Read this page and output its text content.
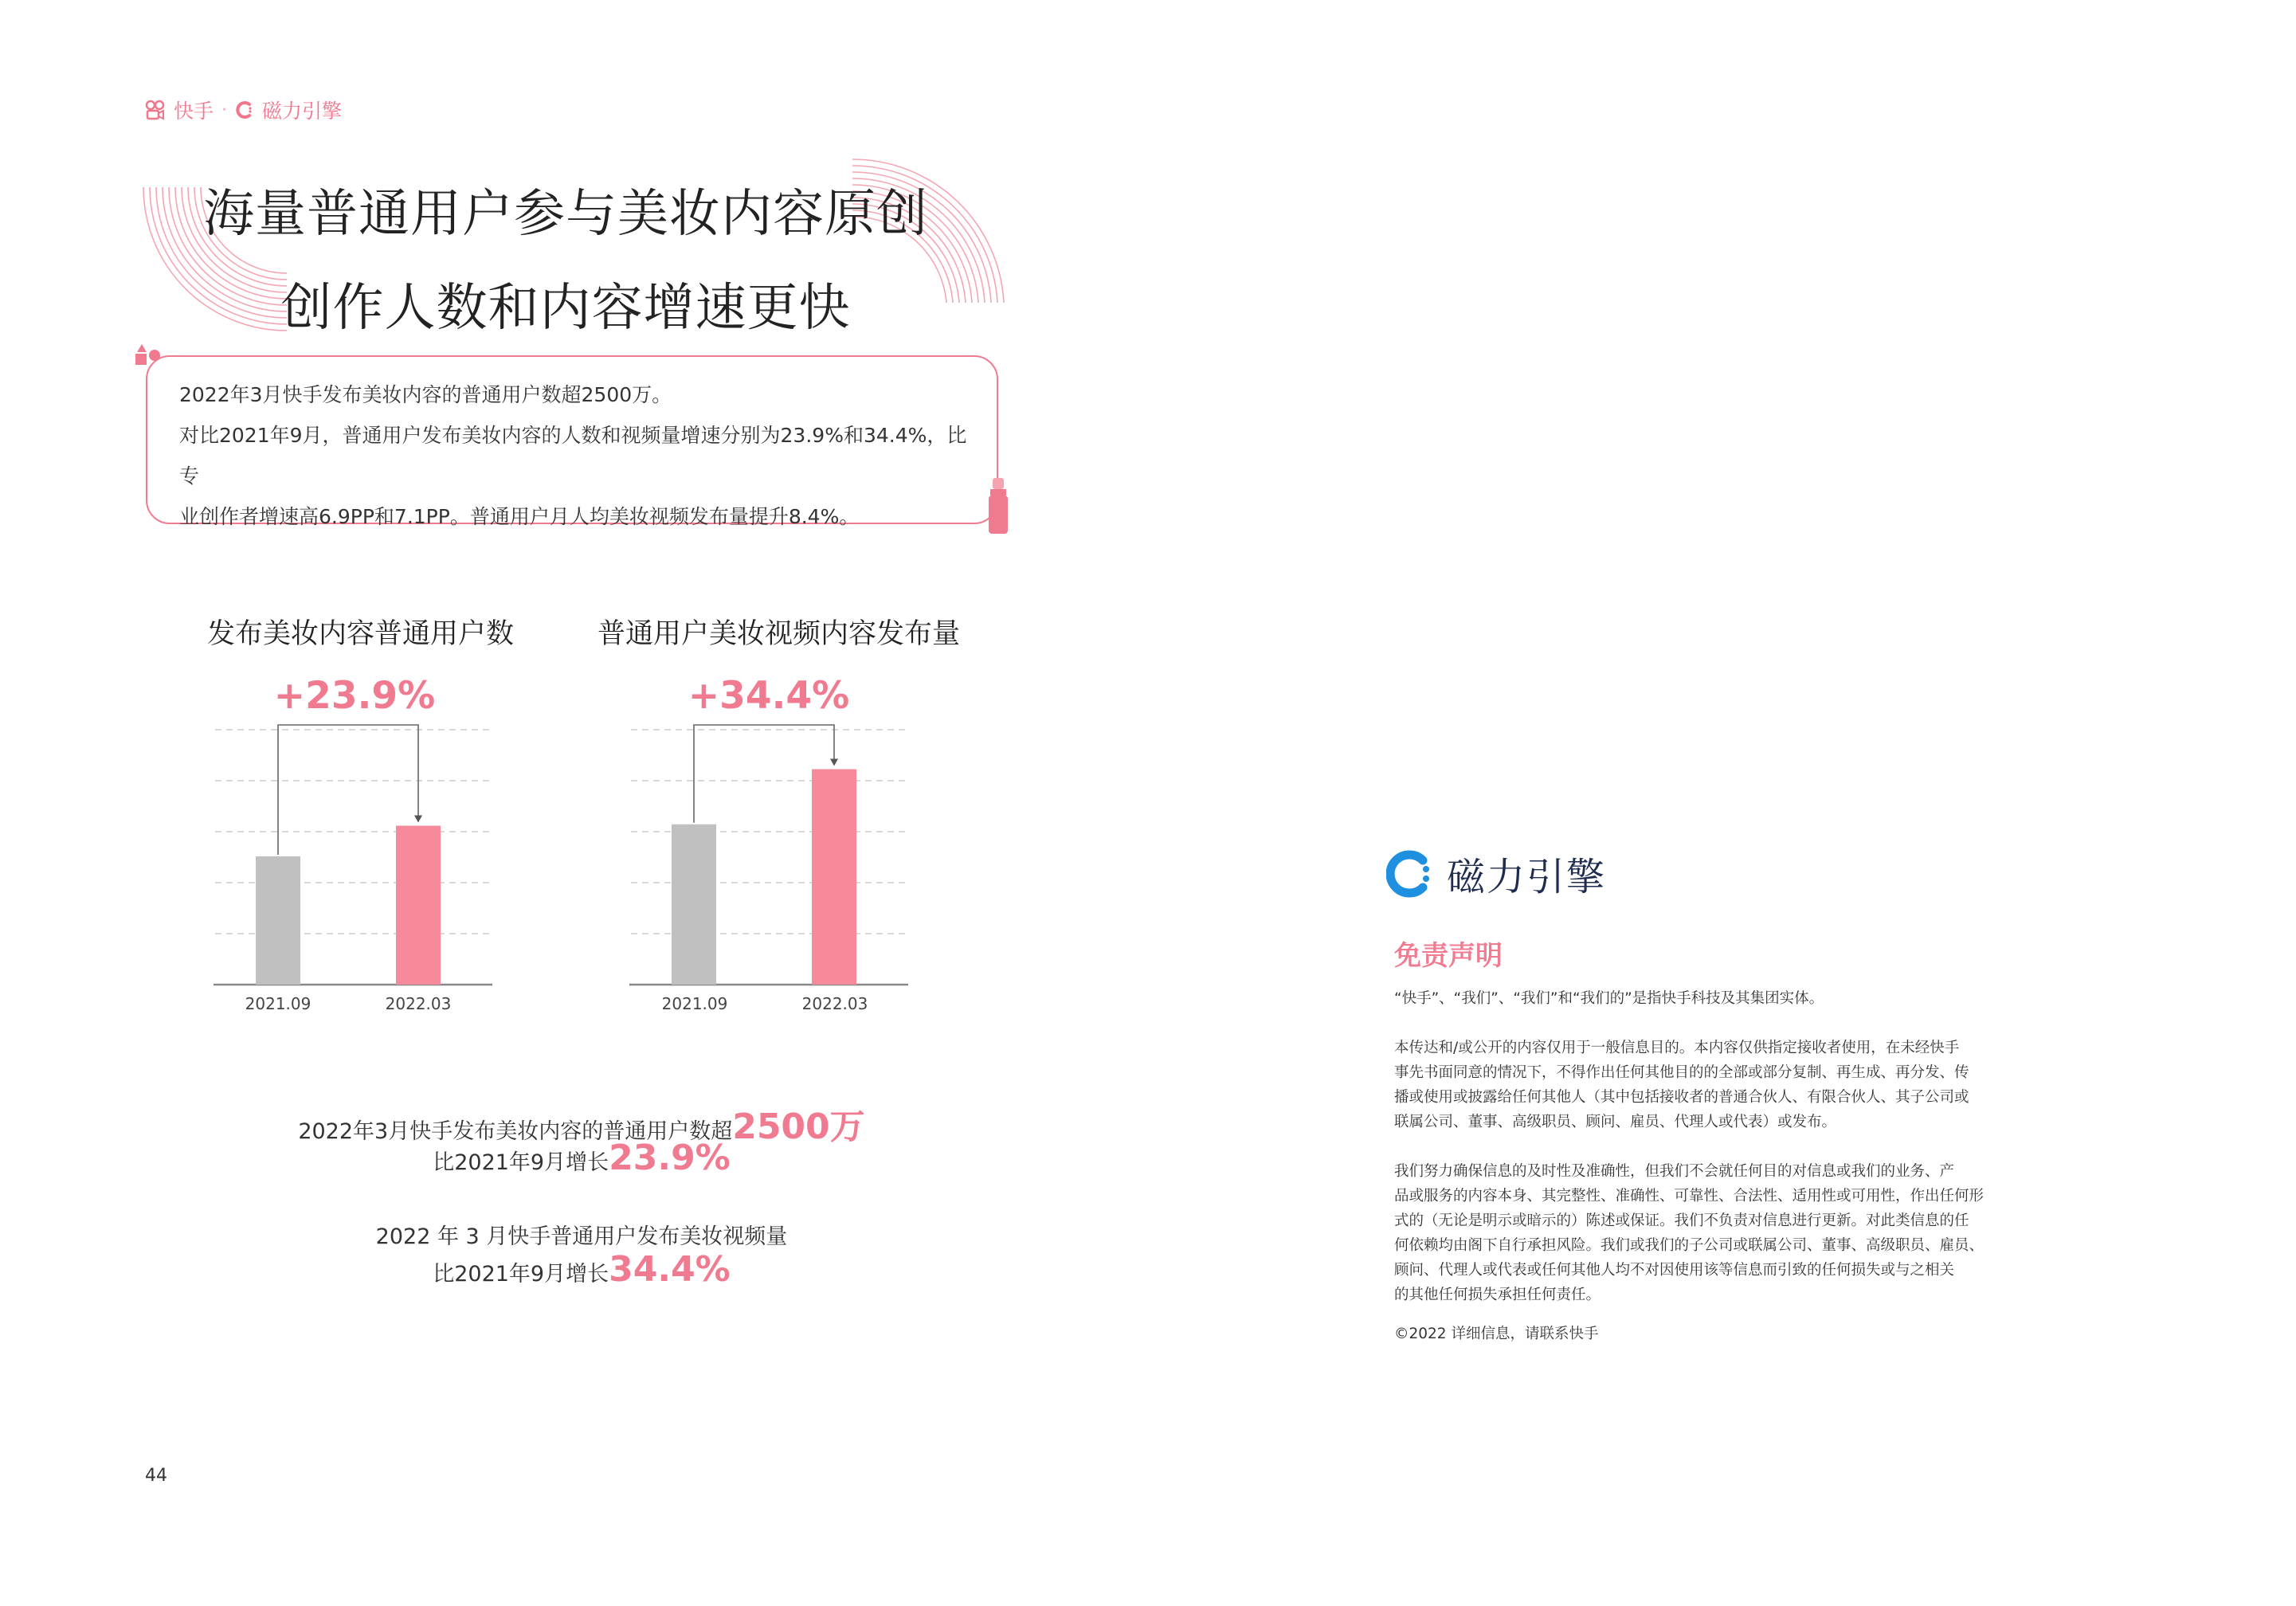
快手 · 磁力引擎
海量普通用户参与美妆内容原创
创作人数和内容增速更快
2022年3月快手发布美妆内容的普通用户数超2500万。
对比2021年9月，普通用户发布美妆内容的人数和视频量增速分别为23.9%和34.4%，比专
业创作者增速高6.9PP和7.1PP。普通用户月人均美妆视频发布量提升8.4%。
发布美妆内容普通用户数
+23.9%
2021.09	2022.03
普通用户美妆视频内容发布量
+34.4%
2021.09	2022.03
2022年3月快手发布美妆内容的普通用户数超2500万
比2021年9月增长23.9%
2022 年 3 月快手普通用户发布美妆视频量
比2021年9月增长34.4%
44
磁力引擎
免责声明

“快手”、“我们”、“我们”和“我们的”是指快手科技及其集团实体。

本传达和/或公开的内容仅用于一般信息目的。本内容仅供指定接收者使用，在未经快手
事先书面同意的情况下，不得作出任何其他目的的全部或部分复制、再生成、再分发、传
播或使用或披露给任何其他人（其中包括接收者的普通合伙人、有限合伙人、其子公司或
联属公司、董事、高级职员、顾问、雇员、代理人或代表）或发布。

我们努力确保信息的及时性及准确性，但我们不会就任何目的对信息或我们的业务、产
品或服务的内容本身、其完整性、准确性、可靠性、合法性、适用性或可用性，作出任何形
式的（无论是明示或暗示的）陈述或保证。我们不负责对信息进行更新。对此类信息的任
何依赖均由阁下自行承担风险。我们或我们的子公司或联属公司、董事、高级职员、雇员、
顾问、代理人或代表或任何其他人均不对因使用该等信息而引致的任何损失或与之相关
的其他任何损失承担任何责任。

©2022 详细信息，请联系快手
